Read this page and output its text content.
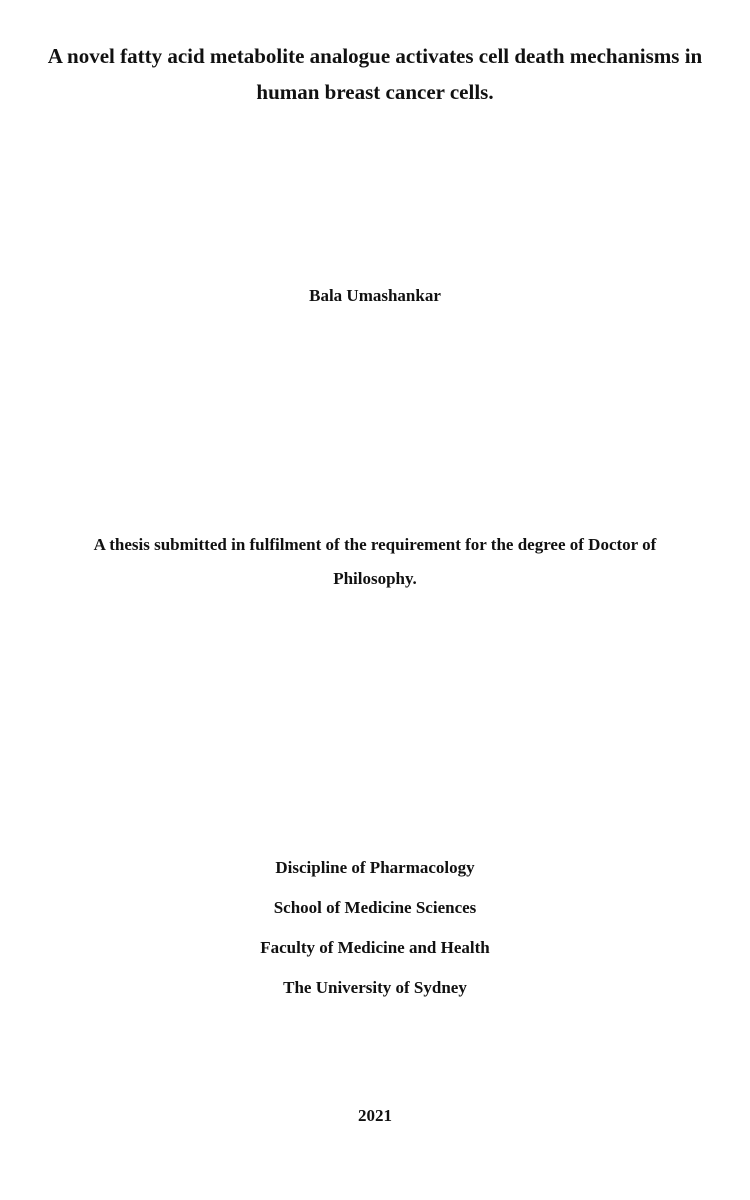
A novel fatty acid metabolite analogue activates cell death mechanisms in
human breast cancer cells.
Bala Umashankar
A thesis submitted in fulfilment of the requirement for the degree of Doctor of
Philosophy.
Discipline of Pharmacology
School of Medicine Sciences
Faculty of Medicine and Health
The University of Sydney
2021
